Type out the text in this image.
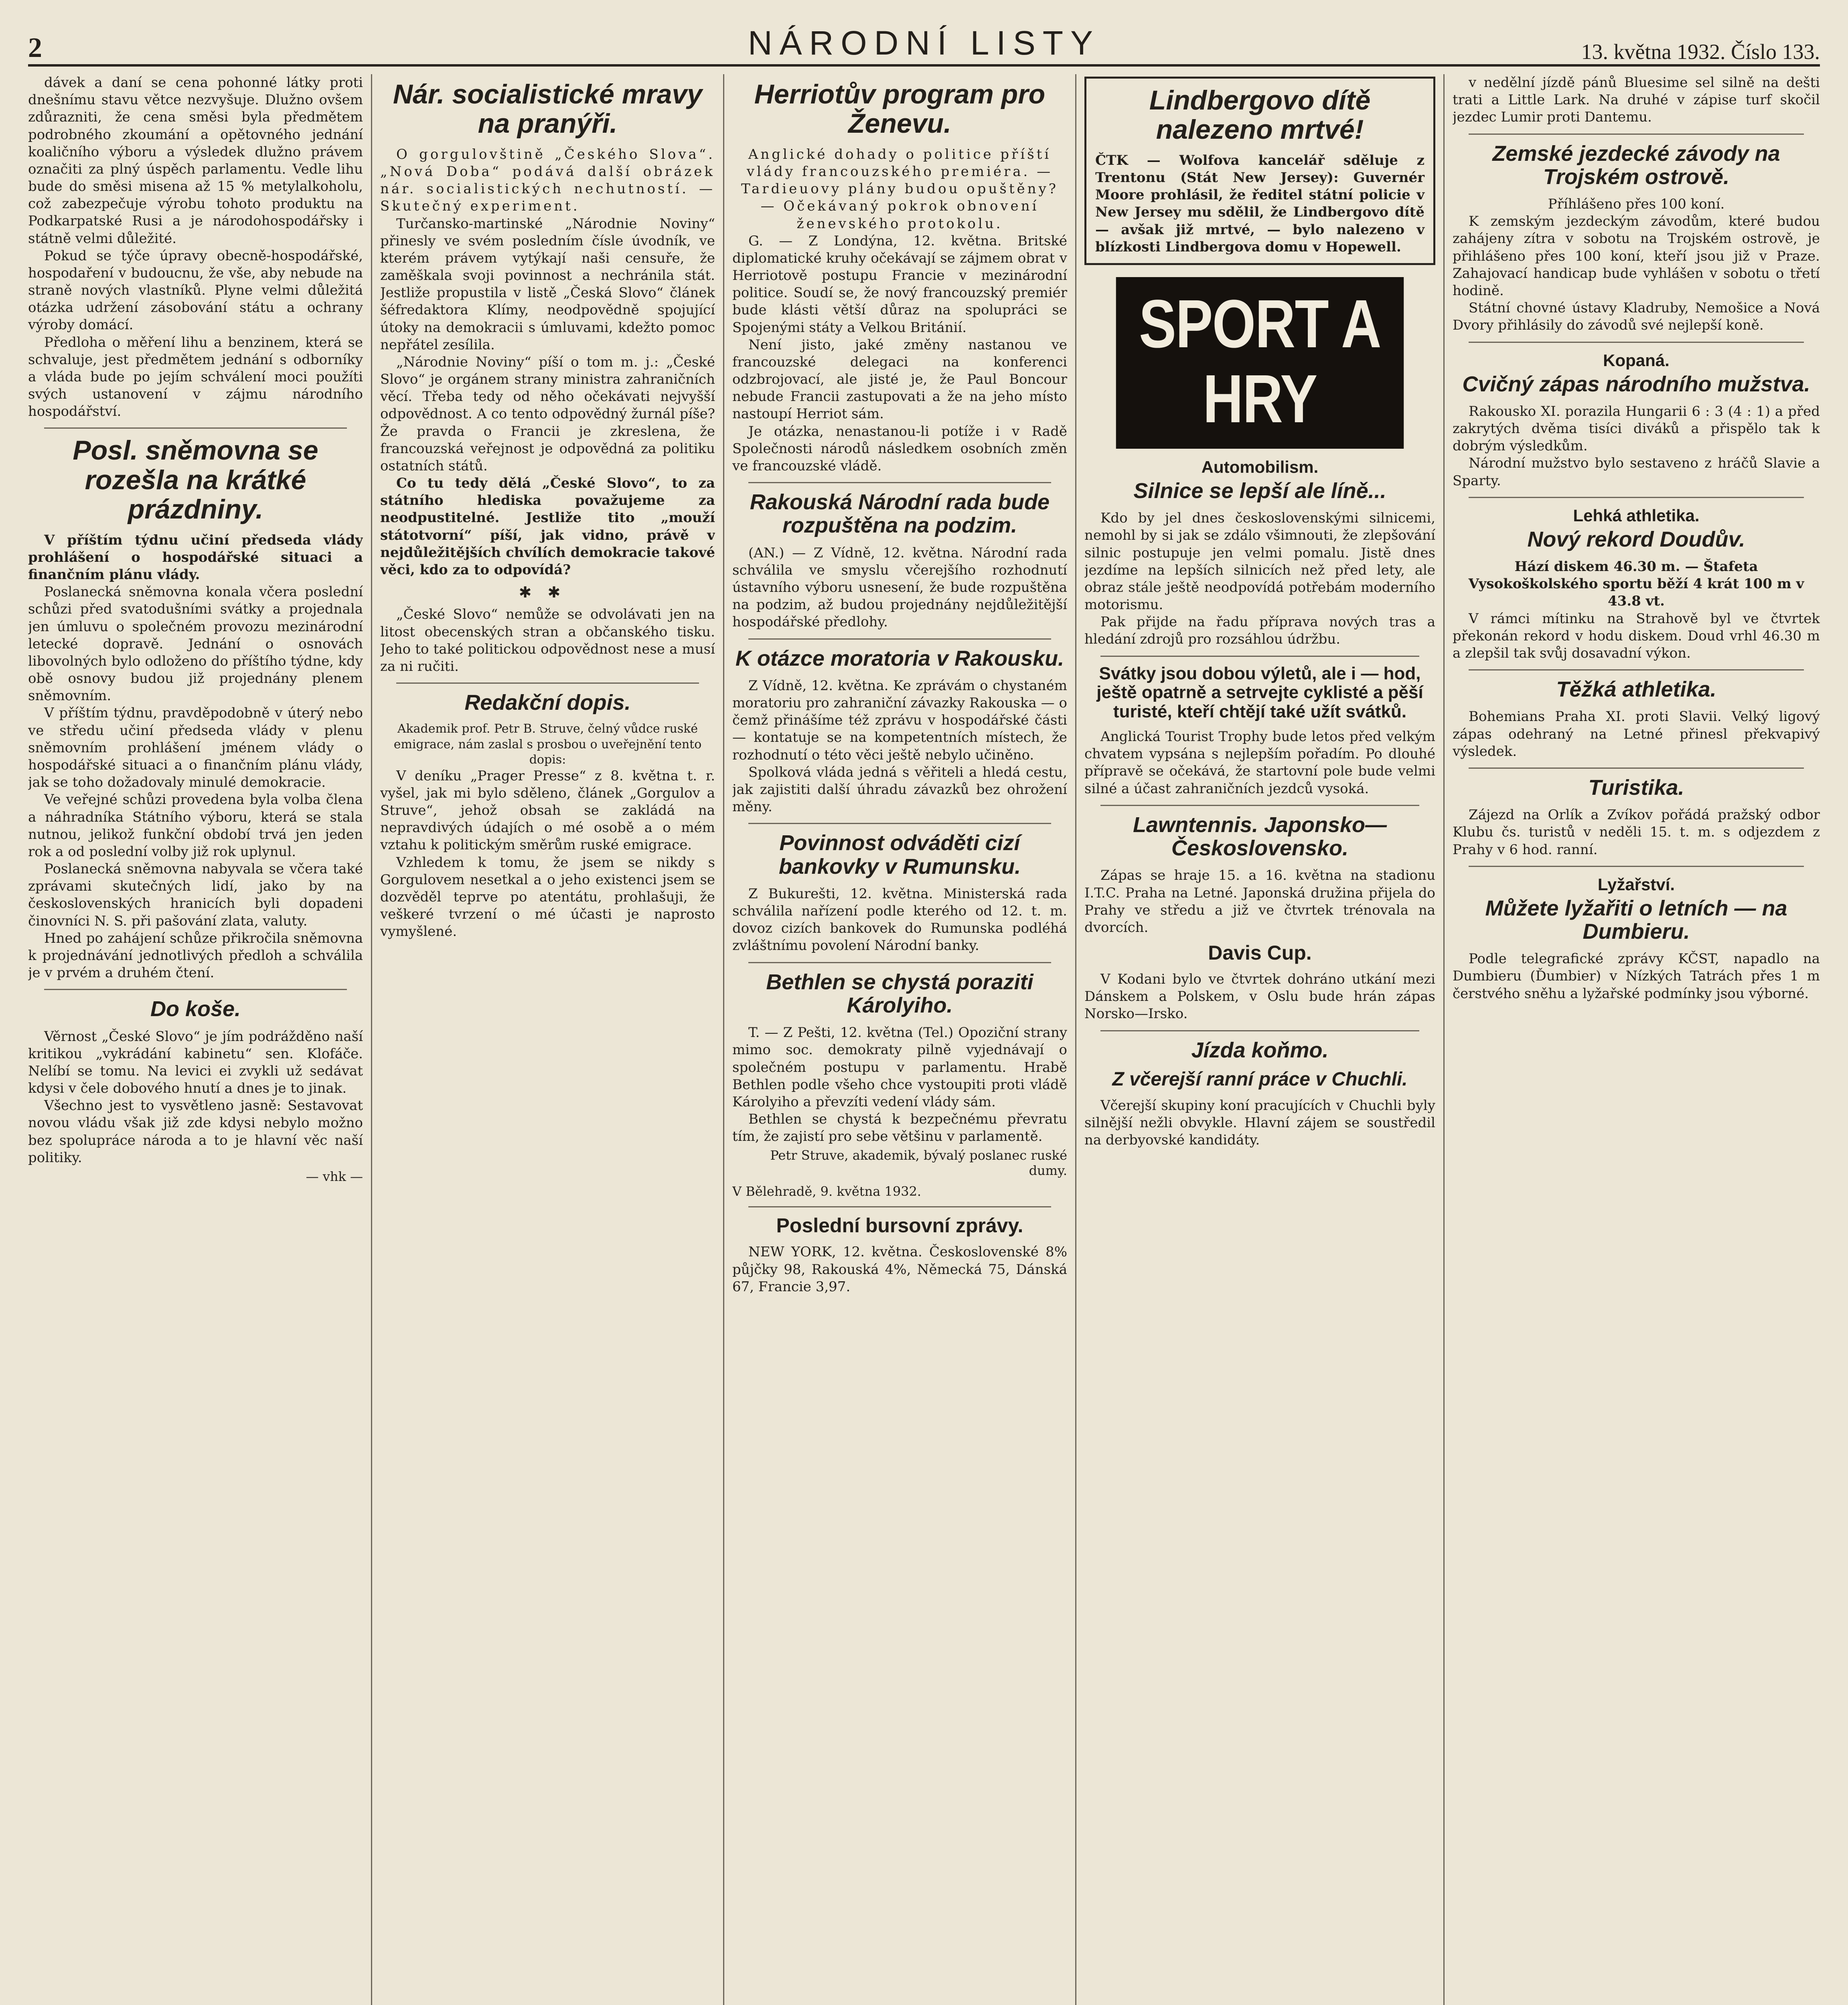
2	NÁRODNÍ LISTY	13. května 1932. Číslo 133.

dávek a daní se cena pohonné látky proti dnešnímu stavu větce nezvyšuje. Dlužno ovšem zdůrazniti, že cena směsi byla předmětem podrobného zkoumání a opětovného jednání koaličního výboru a výsledek dlužno právem označiti za plný úspěch parlamentu. Vedle lihu bude do směsi misena až 15 % metylalkoholu, což zabezpečuje výrobu tohoto produktu na Podkarpatské Rusi a je národohospodářsky i státně velmi důležité.

Pokud se týče úpravy obecně-hospodářské, hospodaření v budoucnu, že vše, aby nebude na straně nových vlastníků. Plyne velmi důležitá otázka udržení zásobování státu a ochrany výroby domácí.

Předloha o měření lihu a benzinem, která se schvaluje, jest předmětem jednání s odborníky a vláda bude po jejím schválení moci použíti svých ustanovení v zájmu národního hospodářství.

Posl. sněmovna se rozešla na krátké prázdniny.

V příštím týdnu učiní předseda vlády prohlášení o hospodářské situaci a finančním plánu vlády.

Poslanecká sněmovna konala včera poslední schůzi před svatodušními svátky a projednala jen úmluvu o společném provozu mezinárodní letecké dopravě. Jednání o osnovách libovolných bylo odloženo do příštího týdne, kdy obě osnovy budou již projednány plenem sněmovním.

V příštím týdnu, pravděpodobně v úterý nebo ve středu učiní předseda vlády v plenu sněmovním prohlášení jménem vlády o hospodářské situaci a o finančním plánu vlády, jak se toho dožadovaly minulé demokracie.

Ve veřejné schůzi provedena byla volba člena a náhradníka Státního výboru, která se stala nutnou, jelikož funkční období trvá jen jeden rok a od poslední volby již rok uplynul.

Poslanecká sněmovna nabyvala se včera také zprávami skutečných lidí, jako by na československých hranicích byli dopadeni činovníci N. S. při pašování zlata, valuty.

Hned po zahájení schůze přikročila sněmovna k projednávání jednotlivých předloh a schválila je v prvém a druhém čtení.

Do koše.

Věrnost „České Slovo“ je jím podrážděno naší kritikou „vykrádání kabinetu“ sen. Klofáče. Nelíbí se tomu. Na levici ei zvykli už sedávat kdysi v čele dobového hnutí a dnes je to jinak.

Všechno jest to vysvětleno jasně: Sestavovat novou vládu však již zde kdysi nebylo možno bez spolupráce národa a to je hlavní věc naší politiky.

— vhk —
Nár. socialistické mravy na pranýři.

O gorgulovštině „Českého Slova“. „Nová Doba“ podává další obrázek nár. socialistických nechutností. — Skutečný experiment.

Turčansko-martinské „Národnie Noviny“ přinesly ve svém posledním čísle úvodník, ve kterém právem vytýkají naši censuře, že zaměškala svoji povinnost a nechránila stát. Jestliže propustila v listě „Česká Slovo“ článek šéfredaktora Klímy, neodpovědně spojující útoky na demokracii s úmluvami, kdežto pomoc nepřátel zesílila.

„Národnie Noviny“ píší o tom m. j.: „České Slovo“ je orgánem strany ministra zahraničních věcí. Třeba tedy od něho očekávati nejvyšší odpovědnost. A co tento odpovědný žurnál píše? Že pravda o Francii je zkreslena, že francouzská veřejnost je odpovědná za politiku ostatních států.

Co tu tedy dělá „České Slovo“, to za státního hlediska považujeme za neodpustitelné. Jestliže tito „mouží státotvorní“ píší, jak vidno, právě v nejdůležitějších chvílích demokracie takové věci, kdo za to odpovídá?

✱✱

„České Slovo“ nemůže se odvolávati jen na litost obecenských stran a občanského tisku. Jeho to také politickou odpovědnost nese a musí za ni ručiti.

Redakční dopis.

Akademik prof. Petr B. Struve, čelný vůdce ruské emigrace, nám zaslal s prosbou o uveřejnění tento dopis:

V deníku „Prager Presse“ z 8. května t. r. vyšel, jak mi bylo sděleno, článek „Gorgulov a Struve“, jehož obsah se zakládá na nepravdivých údajích o mé osobě a o mém vztahu k politickým směrům ruské emigrace.

Vzhledem k tomu, že jsem se nikdy s Gorgulovem nesetkal a o jeho existenci jsem se dozvěděl teprve po atentátu, prohlašuji, že veškeré tvrzení o mé účasti je naprosto vymyšlené.

Herriotův program pro Ženevu.

Anglické dohady o politice příští vlády francouzského premiéra. — Tardieuovy plány budou opuštěny? — Očekávaný pokrok obnovení ženevského protokolu.

G. — Z Londýna, 12. května. Britské diplomatické kruhy očekávají se zájmem obrat v Herriotově postupu Francie v mezinárodní politice. Soudí se, že nový francouzský premiér bude klásti větší důraz na spolupráci se Spojenými státy a Velkou Británií.

Není jisto, jaké změny nastanou ve francouzské delegaci na konferenci odzbrojovací, ale jisté je, že Paul Boncour nebude Francii zastupovati a že na jeho místo nastoupí Herriot sám.

Je otázka, nenastanou-li potíže i v Radě Společnosti národů následkem osobních změn ve francouzské vládě.

Rakouská Národní rada bude rozpuštěna na podzim.

(AN.) — Z Vídně, 12. května. Národní rada schválila ve smyslu včerejšího rozhodnutí ústavního výboru usnesení, že bude rozpuštěna na podzim, až budou projednány nejdůležitější hospodářské předlohy.

K otázce moratoria v Rakousku.

Z Vídně, 12. května. Ke zprávám o chystaném moratoriu pro zahraniční závazky Rakouska — o čemž přinášíme též zprávu v hospodářské části — kontatuje se na kompetentních místech, že rozhodnutí o této věci ještě nebylo učiněno.

Spolková vláda jedná s věřiteli a hledá cestu, jak zajistiti další úhradu závazků bez ohrožení měny.

Povinnost odváděti cizí bankovky v Rumunsku.

Z Bukurešti, 12. května. Ministerská rada schválila nařízení podle kterého od 12. t. m. dovoz cizích bankovek do Rumunska podléhá zvláštnímu povolení Národní banky.

Bethlen se chystá poraziti Károlyiho.

T. — Z Pešti, 12. května (Tel.) Opoziční strany mimo soc. demokraty pilně vyjednávají o společném postupu v parlamentu. Hrabě Bethlen podle všeho chce vystoupiti proti vládě Károlyiho a převzíti vedení vlády sám.

Bethlen se chystá k bezpečnému převratu tím, že zajistí pro sebe většinu v parlamentě.

Petr Struve, akademik, bývalý poslanec ruské dumy.
V Bělehradě, 9. května 1932.
Poslední bursovní zprávy.

NEW YORK, 12. května. Československé 8% půjčky 98, Rakouská 4%, Německá 75, Dánská 67, Francie 3,97.

Lindbergovo dítě nalezeno mrtvé!
ČTK — Wolfova kancelář sděluje z Trentonu (Stát New Jersey): Guvernér Moore prohlásil, že ředitel státní policie v New Jersey mu sdělil, že Lindbergovo dítě — avšak již mrtvé, — bylo nalezeno v blízkosti Lindbergova domu v Hopewell.
SPORT A HRY
Automobilism.
Silnice se lepší ale líně...

Kdo by jel dnes československými silnicemi, nemohl by si jak se zdálo všimnouti, že zlepšování silnic postupuje jen velmi pomalu. Jistě dnes jezdíme na lepších silnicích než před lety, ale obraz stále ještě neodpovídá potřebám moderního motorismu.

Pak přijde na řadu příprava nových tras a hledání zdrojů pro rozsáhlou údržbu.

Svátky jsou dobou výletů, ale i — hod, ještě opatrně a setrvejte cyklisté a pěší turisté, kteří chtějí také užít svátků.

Anglická Tourist Trophy bude letos před velkým chvatem vypsána s nejlepším pořadím. Po dlouhé přípravě se očekává, že startovní pole bude velmi silné a účast zahraničních jezdců vysoká.

Lawntennis. Japonsko—Československo.

Zápas se hraje 15. a 16. května na stadionu I.T.C. Praha na Letné. Japonská družina přijela do Prahy ve středu a již ve čtvrtek trénovala na dvorcích.

Davis Cup.

V Kodani bylo ve čtvrtek dohráno utkání mezi Dánskem a Polskem, v Oslu bude hrán zápas Norsko—Irsko.

Jízda koňmo.
Z včerejší ranní práce v Chuchli.

Včerejší skupiny koní pracujících v Chuchli byly silnější nežli obvykle. Hlavní zájem se soustředil na derbyovské kandidáty.

v nedělní jízdě pánů Bluesime sel silně na dešti trati a Little Lark. Na druhé v zápise turf skočil jezdec Lumir proti Dantemu.

Zemské jezdecké závody na Trojském ostrově.

Příhlášeno přes 100 koní.

K zemským jezdeckým závodům, které budou zahájeny zítra v sobotu na Trojském ostrově, je přihlášeno přes 100 koní, kteří jsou již v Praze. Zahajovací handicap bude vyhlášen v sobotu o třetí hodině.

Státní chovné ústavy Kladruby, Nemošice a Nová Dvory přihlásily do závodů své nejlepší koně.

Kopaná.
Cvičný zápas národního mužstva.

Rakousko XI. porazila Hungarii 6 : 3 (4 : 1) a před zakrytých dvěma tisíci diváků a přispělo tak k dobrým výsledkům.

Národní mužstvo bylo sestaveno z hráčů Slavie a Sparty.

Lehká athletika.
Nový rekord Doudův.

Hází diskem 46.30 m. — Štafeta Vysokoškolského sportu běží 4 krát 100 m v 43.8 vt.

V rámci mítinku na Strahově byl ve čtvrtek překonán rekord v hodu diskem. Doud vrhl 46.30 m a zlepšil tak svůj dosavadní výkon.

Těžká athletika.

Bohemians Praha XI. proti Slavii. Velký ligový zápas odehraný na Letné přinesl překvapivý výsledek.

Turistika.

Zájezd na Orlík a Zvíkov pořádá pražský odbor Klubu čs. turistů v neděli 15. t. m. s odjezdem z Prahy v 6 hod. ranní.

Lyžařství.
Můžete lyžařiti o letních — na Dumbieru.

Podle telegrafické zprávy KČST, napadlo na Dumbieru (Ďumbier) v Nízkých Tatrách přes 1 m čerstvého sněhu a lyžařské podmínky jsou výborné.
